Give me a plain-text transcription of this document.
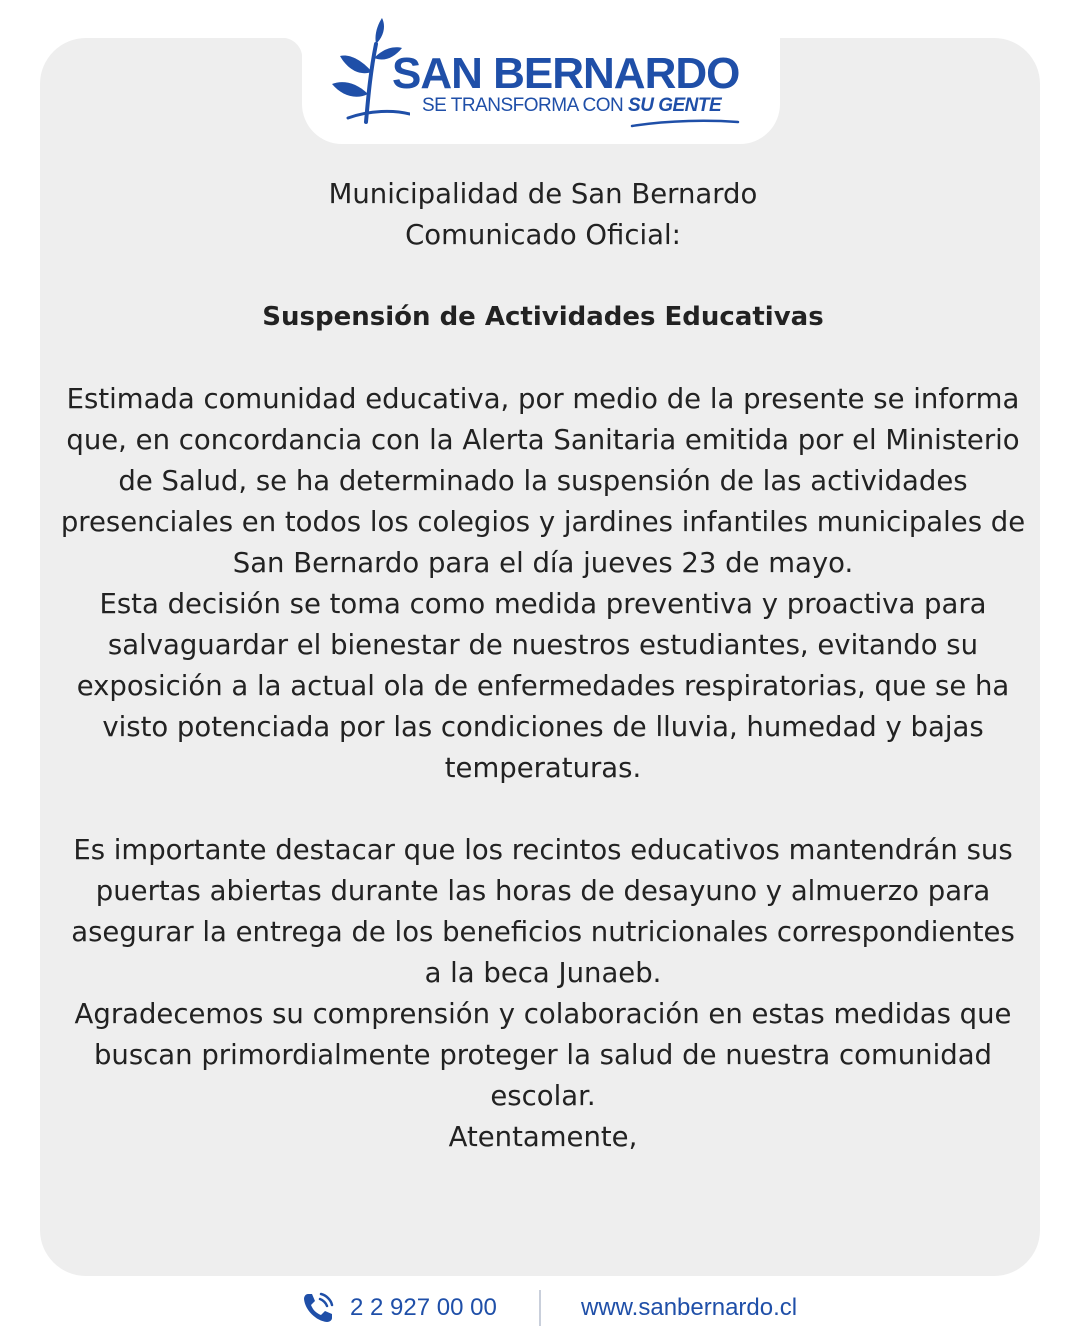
SAN BERNARDO
SE TRANSFORMA CON SU GENTE

Municipalidad de San Bernardo

Comunicado Oficial:

Suspensión de Actividades Educativas

Estimada comunidad educativa, por medio de la presente se informa que, en concordancia con la Alerta Sanitaria emitida por el Ministerio de Salud, se ha determinado la suspensión de las actividades presenciales en todos los colegios y jardines infantiles municipales de San Bernardo para el día jueves 23 de mayo.

Esta decisión se toma como medida preventiva y proactiva para salvaguardar el bienestar de nuestros estudiantes, evitando su exposición a la actual ola de enfermedades respiratorias, que se ha visto potenciada por las condiciones de lluvia, humedad y bajas temperaturas.

Es importante destacar que los recintos educativos mantendrán sus puertas abiertas durante las horas de desayuno y almuerzo para asegurar la entrega de los beneficios nutricionales correspondientes a la beca Junaeb.

Agradecemos su comprensión y colaboración en estas medidas que buscan primordialmente proteger la salud de nuestra comunidad escolar.

Atentamente,

2 2 927 00 00	www.sanbernardo.cl
